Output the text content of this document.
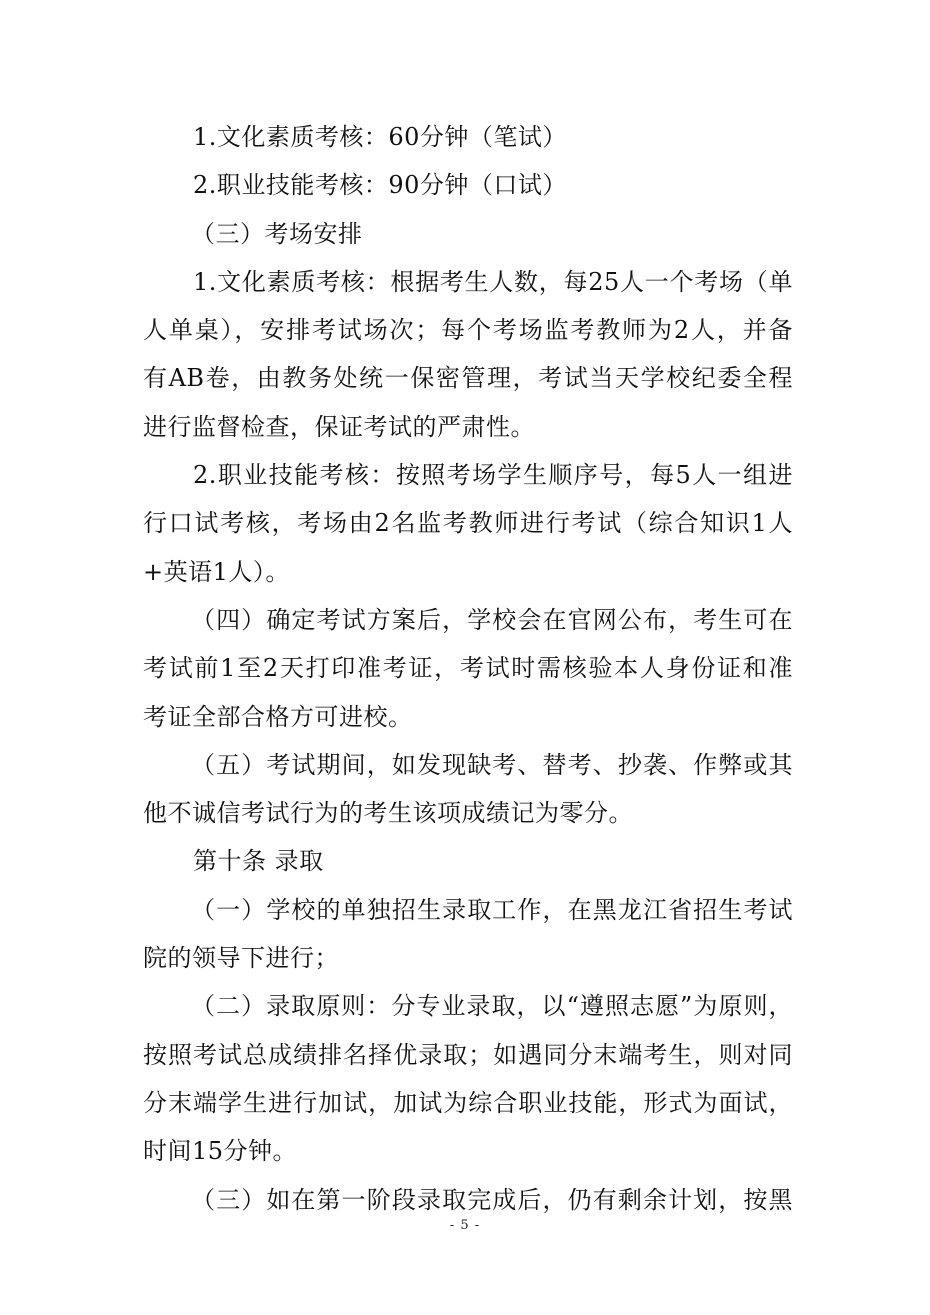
1.文化素质考核：60分钟（笔试）
2.职业技能考核：90分钟（口试）
（三）考场安排
1.文化素质考核：根据考生人数，每25人一个考场（单
人单桌），安排考试场次；每个考场监考教师为2人，并备
有AB卷，由教务处统一保密管理，考试当天学校纪委全程
进行监督检查，保证考试的严肃性。
2.职业技能考核：按照考场学生顺序号，每5人一组进
行口试考核，考场由2名监考教师进行考试（综合知识1人
+英语1人）。
（四）确定考试方案后，学校会在官网公布，考生可在
考试前1至2天打印准考证，考试时需核验本人身份证和准
考证全部合格方可进校。
（五）考试期间，如发现缺考、替考、抄袭、作弊或其
他不诚信考试行为的考生该项成绩记为零分。
第十条 录取
（一）学校的单独招生录取工作，在黑龙江省招生考试
院的领导下进行；
（二）录取原则：分专业录取，以“遵照志愿”为原则，
按照考试总成绩排名择优录取；如遇同分末端考生，则对同
分末端学生进行加试，加试为综合职业技能，形式为面试，
时间15分钟。
（三）如在第一阶段录取完成后，仍有剩余计划，按黑
- 5 -
